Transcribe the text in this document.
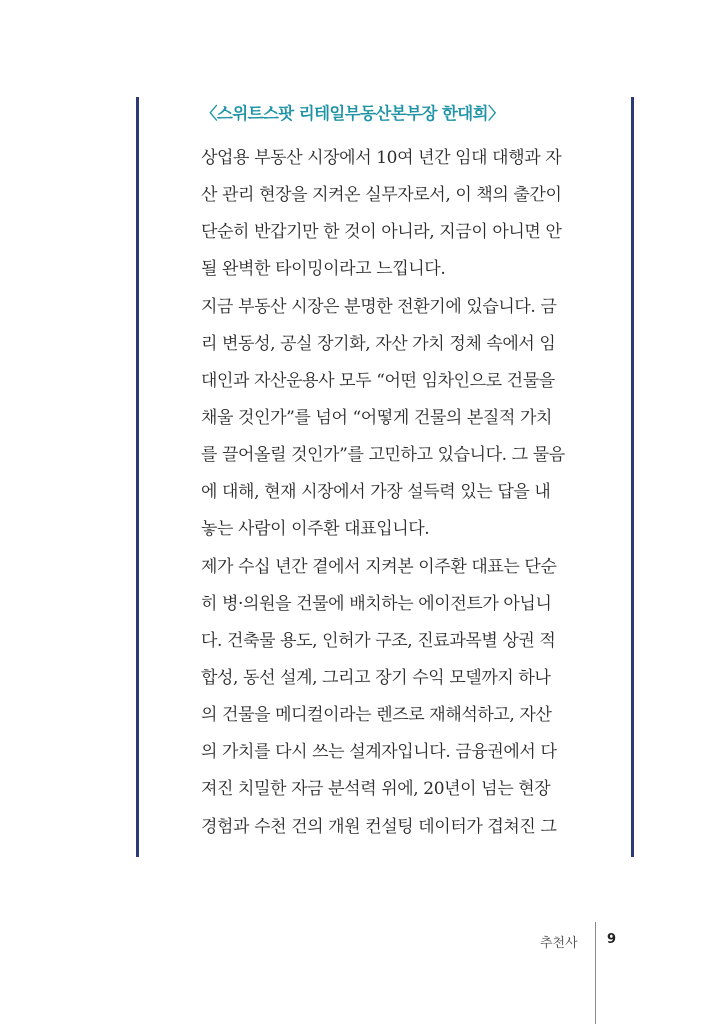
〈스위트스팟 리테일부동산본부장 한대희〉
상업용 부동산 시장에서 10여 년간 임대 대행과 자
산 관리 현장을 지켜온 실무자로서, 이 책의 출간이
단순히 반갑기만 한 것이 아니라, 지금이 아니면 안
될 완벽한 타이밍이라고 느낍니다.
지금 부동산 시장은 분명한 전환기에 있습니다. 금
리 변동성, 공실 장기화, 자산 가치 정체 속에서 임
대인과 자산운용사 모두 “어떤 임차인으로 건물을
채울 것인가”를 넘어 “어떻게 건물의 본질적 가치
를 끌어올릴 것인가”를 고민하고 있습니다. 그 물음
에 대해, 현재 시장에서 가장 설득력 있는 답을 내
놓는 사람이 이주환 대표입니다.
제가 수십 년간 곁에서 지켜본 이주환 대표는 단순
히 병·의원을 건물에 배치하는 에이전트가 아닙니
다. 건축물 용도, 인허가 구조, 진료과목별 상권 적
합성, 동선 설계, 그리고 장기 수익 모델까지 하나
의 건물을 메디컬이라는 렌즈로 재해석하고, 자산
의 가치를 다시 쓰는 설계자입니다. 금융권에서 다
져진 치밀한 자금 분석력 위에, 20년이 넘는 현장
경험과 수천 건의 개원 컨설팅 데이터가 겹쳐진 그
추천사 9
